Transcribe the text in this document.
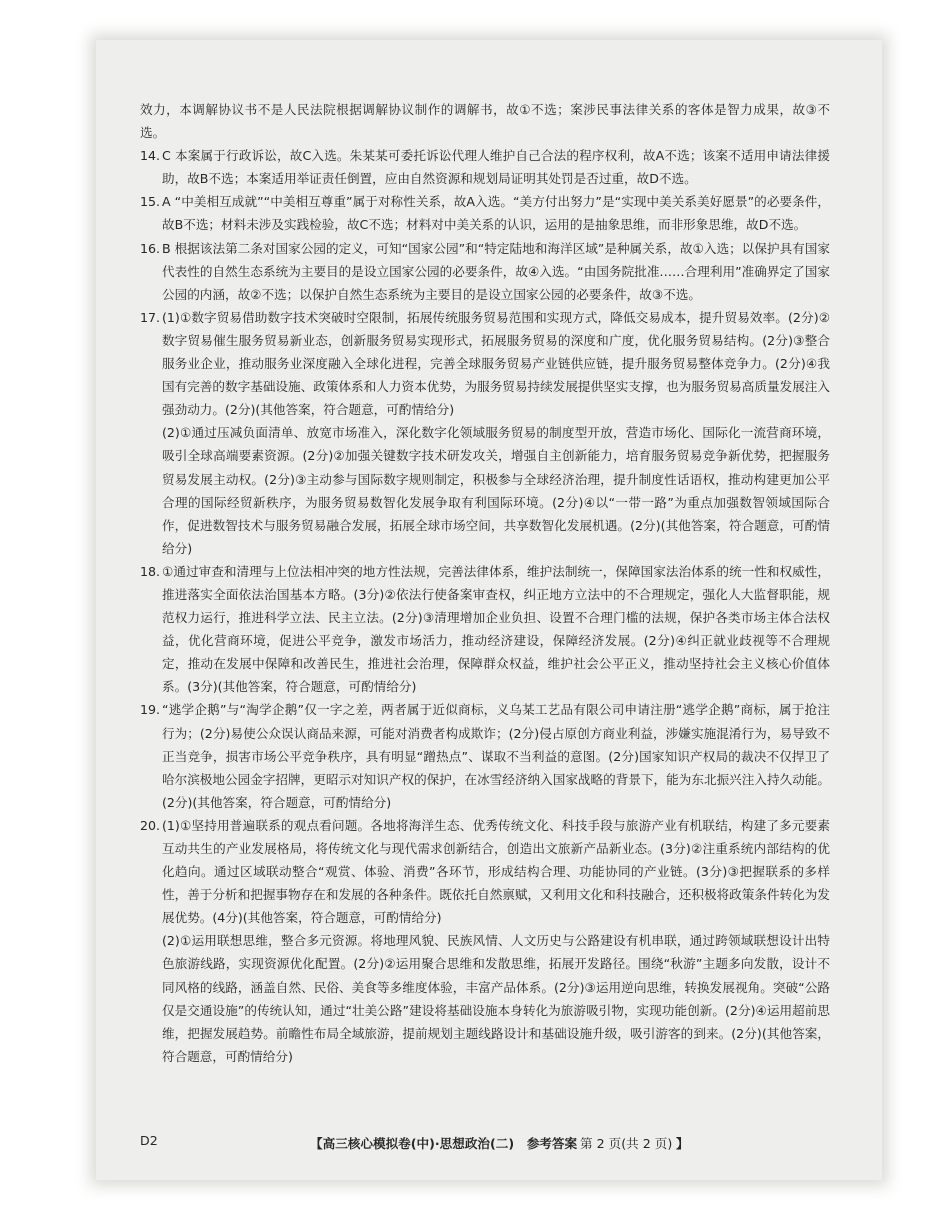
效力，本调解协议书不是人民法院根据调解协议制作的调解书，故①不选；案涉民事法律关系的客体是智力成果，故③不选。

14. C 本案属于行政诉讼，故C入选。朱某某可委托诉讼代理人维护自己合法的程序权利，故A不选；该案不适用申请法律援助，故B不选；本案适用举证责任倒置，应由自然资源和规划局证明其处罚是否过重，故D不选。

15. A “中美相互成就”“中美相互尊重”属于对称性关系，故A入选。“美方付出努力”是“实现中美关系美好愿景”的必要条件，故B不选；材料未涉及实践检验，故C不选；材料对中美关系的认识，运用的是抽象思维，而非形象思维，故D不选。

16. B 根据该法第二条对国家公园的定义，可知“国家公园”和“特定陆地和海洋区域”是种属关系，故①入选；以保护具有国家代表性的自然生态系统为主要目的是设立国家公园的必要条件，故④入选。“由国务院批准……合理利用”准确界定了国家公园的内涵，故②不选；以保护自然生态系统为主要目的是设立国家公园的必要条件，故③不选。

17. (1)①数字贸易借助数字技术突破时空限制，拓展传统服务贸易范围和实现方式，降低交易成本，提升贸易效率。(2分)②数字贸易催生服务贸易新业态，创新服务贸易实现形式，拓展服务贸易的深度和广度，优化服务贸易结构。(2分)③整合服务业企业，推动服务业深度融入全球化进程，完善全球服务贸易产业链供应链，提升服务贸易整体竞争力。(2分)④我国有完善的数字基础设施、政策体系和人力资本优势，为服务贸易持续发展提供坚实支撑，也为服务贸易高质量发展注入强劲动力。(2分)(其他答案，符合题意，可酌情给分)

(2)①通过压减负面清单、放宽市场准入，深化数字化领域服务贸易的制度型开放，营造市场化、国际化一流营商环境，吸引全球高端要素资源。(2分)②加强关键数字技术研发攻关，增强自主创新能力，培育服务贸易竞争新优势，把握服务贸易发展主动权。(2分)③主动参与国际数字规则制定，积极参与全球经济治理，提升制度性话语权，推动构建更加公平合理的国际经贸新秩序，为服务贸易数智化发展争取有利国际环境。(2分)④以“一带一路”为重点加强数智领域国际合作，促进数智技术与服务贸易融合发展，拓展全球市场空间，共享数智化发展机遇。(2分)(其他答案，符合题意，可酌情给分)

18. ①通过审查和清理与上位法相冲突的地方性法规，完善法律体系，维护法制统一，保障国家法治体系的统一性和权威性，推进落实全面依法治国基本方略。(3分)②依法行使备案审查权，纠正地方立法中的不合理规定，强化人大监督职能，规范权力运行，推进科学立法、民主立法。(2分)③清理增加企业负担、设置不合理门槛的法规，保护各类市场主体合法权益，优化营商环境，促进公平竞争，激发市场活力，推动经济建设，保障经济发展。(2分)④纠正就业歧视等不合理规定，推动在发展中保障和改善民生，推进社会治理，保障群众权益，维护社会公平正义，推动坚持社会主义核心价值体系。(3分)(其他答案，符合题意，可酌情给分)

19. “逃学企鹅”与“淘学企鹅”仅一字之差，两者属于近似商标，义乌某工艺品有限公司申请注册“逃学企鹅”商标，属于抢注行为；(2分)易使公众误认商品来源，可能对消费者构成欺诈；(2分)侵占原创方商业利益，涉嫌实施混淆行为，易导致不正当竞争，损害市场公平竞争秩序，具有明显“蹭热点”、谋取不当利益的意图。(2分)国家知识产权局的裁决不仅捍卫了哈尔滨极地公园金字招牌，更昭示对知识产权的保护，在冰雪经济纳入国家战略的背景下，能为东北振兴注入持久动能。(2分)(其他答案，符合题意，可酌情给分)

20. (1)①坚持用普遍联系的观点看问题。各地将海洋生态、优秀传统文化、科技手段与旅游产业有机联结，构建了多元要素互动共生的产业发展格局，将传统文化与现代需求创新结合，创造出文旅新产品新业态。(3分)②注重系统内部结构的优化趋向。通过区域联动整合“观赏、体验、消费”各环节，形成结构合理、功能协同的产业链。(3分)③把握联系的多样性，善于分析和把握事物存在和发展的各种条件。既依托自然禀赋，又利用文化和科技融合，还积极将政策条件转化为发展优势。(4分)(其他答案，符合题意，可酌情给分)

(2)①运用联想思维，整合多元资源。将地理风貌、民族风情、人文历史与公路建设有机串联，通过跨领域联想设计出特色旅游线路，实现资源优化配置。(2分)②运用聚合思维和发散思维，拓展开发路径。围绕“秋游”主题多向发散，设计不同风格的线路，涵盖自然、民俗、美食等多维度体验，丰富产品体系。(2分)③运用逆向思维，转换发展视角。突破“公路仅是交通设施”的传统认知，通过“壮美公路”建设将基础设施本身转化为旅游吸引物，实现功能创新。(2分)④运用超前思维，把握发展趋势。前瞻性布局全域旅游，提前规划主题线路设计和基础设施升级，吸引游客的到来。(2分)(其他答案，符合题意，可酌情给分)

D2	【高三核心模拟卷(中)·思想政治(二)　参考答案 第 2 页(共 2 页) 】
